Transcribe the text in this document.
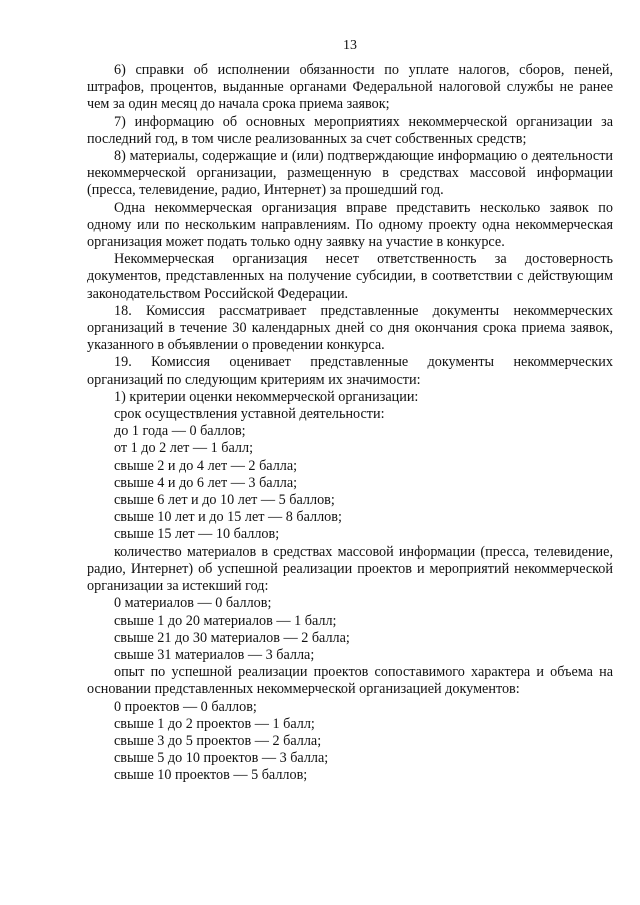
13

6) справки об исполнении обязанности по уплате налогов, сборов, пеней, штрафов, процентов, выданные органами Федеральной налоговой службы не ранее чем за один месяц до начала срока приема заявок;

7) информацию об основных мероприятиях некоммерческой организации за последний год, в том числе реализованных за счет собственных средств;

8) материалы, содержащие и (или) подтверждающие информацию о деятельности некоммерческой организации, размещенную в средствах массовой информации (пресса, телевидение, радио, Интернет) за прошедший год.

Одна некоммерческая организация вправе представить несколько заявок по одному или по нескольким направлениям. По одному проекту одна некоммерческая организация может подать только одну заявку на участие в конкурсе.

Некоммерческая организация несет ответственность за достоверность документов, представленных на получение субсидии, в соответствии с действующим законодательством Российской Федерации.

18. Комиссия рассматривает представленные документы некоммерческих организаций в течение 30 календарных дней со дня окончания срока приема заявок, указанного в объявлении о проведении конкурса.

19. Комиссия оценивает представленные документы некоммерческих организаций по следующим критериям их значимости:

1) критерии оценки некоммерческой организации:
срок осуществления уставной деятельности:
до 1 года — 0 баллов;
от 1 до 2 лет — 1 балл;
свыше 2 и до 4 лет — 2 балла;
свыше 4 и до 6 лет — 3 балла;
свыше 6 лет и до 10 лет — 5 баллов;
свыше 10 лет и до 15 лет — 8 баллов;
свыше 15 лет — 10 баллов;

количество материалов в средствах массовой информации (пресса, телевидение, радио, Интернет) об успешной реализации проектов и мероприятий некоммерческой организации за истекший год:

0 материалов — 0 баллов;
свыше 1 до 20 материалов — 1 балл;
свыше 21 до 30 материалов — 2 балла;
свыше 31 материалов — 3 балла;

опыт по успешной реализации проектов сопоставимого характера и объема на основании представленных некоммерческой организацией документов:

0 проектов — 0 баллов;
свыше 1 до 2 проектов — 1 балл;
свыше 3 до 5 проектов — 2 балла;
свыше 5 до 10 проектов — 3 балла;
свыше 10 проектов — 5 баллов;
